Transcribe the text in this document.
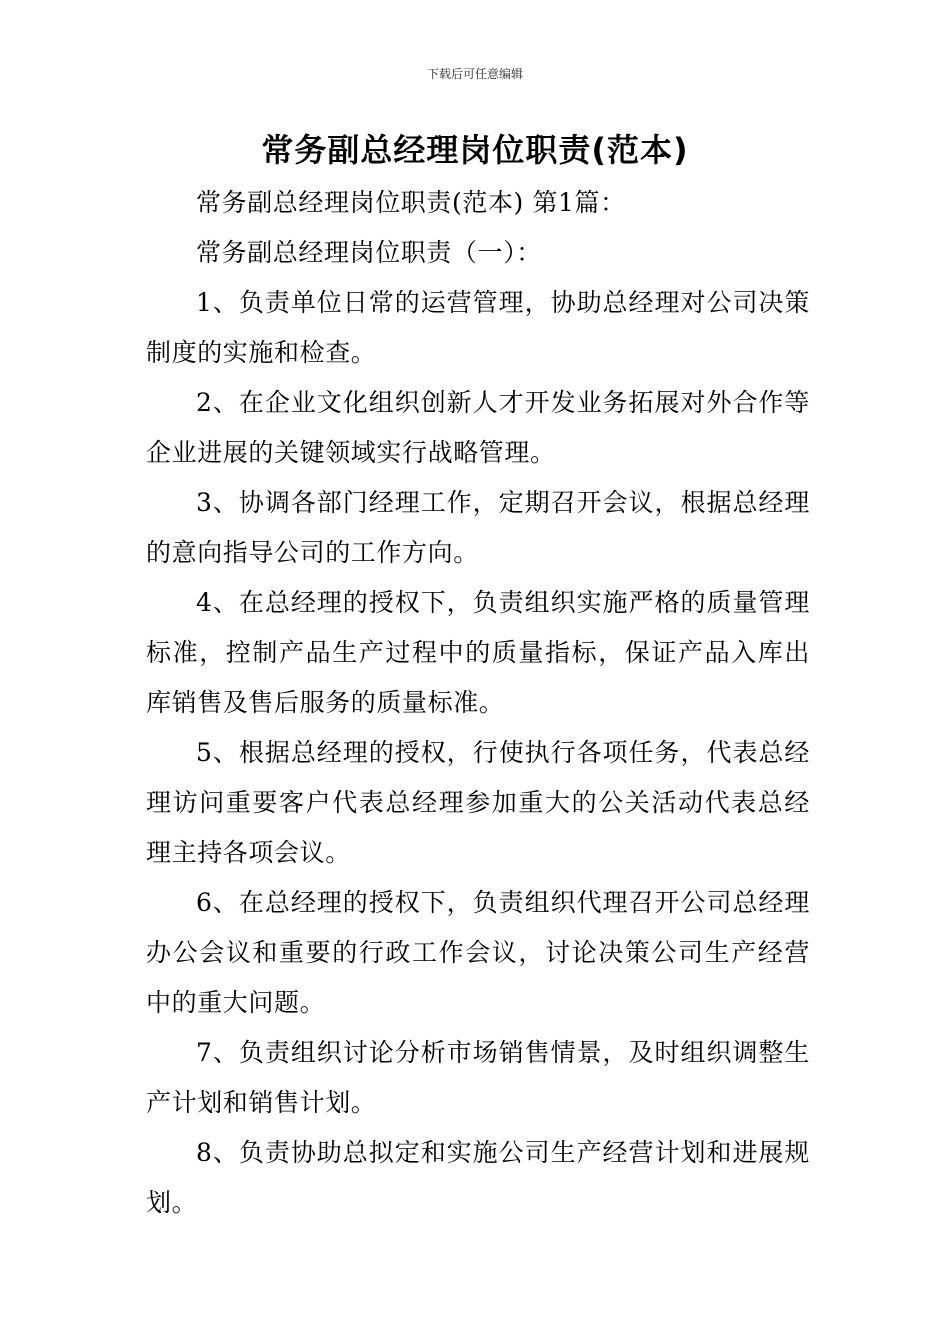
下载后可任意编辑
常务副总经理岗位职责(范本)

常务副总经理岗位职责(范本) 第1篇：

常务副总经理岗位职责（一）：

1、负责单位日常的运营管理，协助总经理对公司决策制度的实施和检查。

2、在企业文化组织创新人才开发业务拓展对外合作等企业进展的关键领域实行战略管理。

3、协调各部门经理工作，定期召开会议，根据总经理的意向指导公司的工作方向。

4、在总经理的授权下，负责组织实施严格的质量管理标准，控制产品生产过程中的质量指标，保证产品入库出库销售及售后服务的质量标准。

5、根据总经理的授权，行使执行各项任务，代表总经理访问重要客户代表总经理参加重大的公关活动代表总经理主持各项会议。

6、在总经理的授权下，负责组织代理召开公司总经理办公会议和重要的行政工作会议，讨论决策公司生产经营中的重大问题。

7、负责组织讨论分析市场销售情景，及时组织调整生产计划和销售计划。

8、负责协助总拟定和实施公司生产经营计划和进展规划。
